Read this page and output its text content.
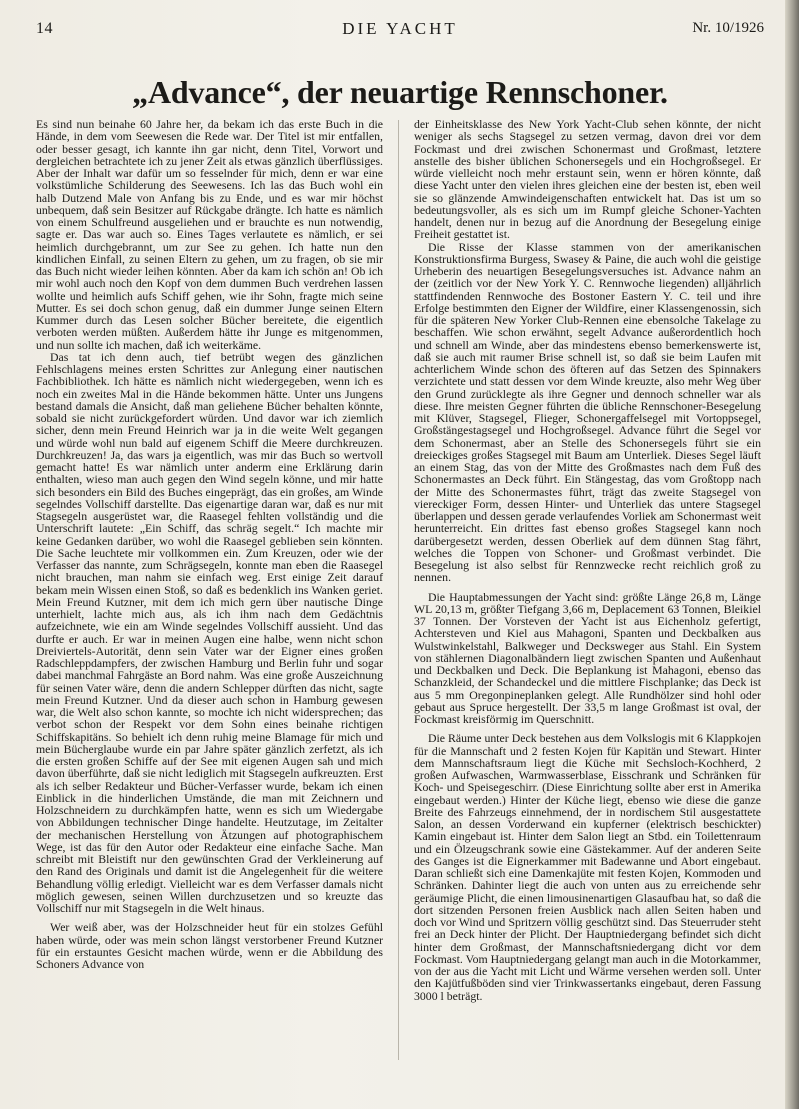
14	DIE YACHT	Nr. 10/1926
„Advance“, der neuartige Rennschoner.

Es sind nun beinahe 60 Jahre her, da bekam ich das erste Buch in die Hände, in dem vom Seewesen die Rede war. Der Titel ist mir entfallen, oder besser gesagt, ich kannte ihn gar nicht, denn Titel, Vorwort und dergleichen betrachtete ich zu jener Zeit als etwas gänzlich überflüssiges. Aber der Inhalt war dafür um so fesselnder für mich, denn er war eine volkstümliche Schilderung des Seewesens. Ich las das Buch wohl ein halb Dutzend Male von Anfang bis zu Ende, und es war mir höchst unbequem, daß sein Besitzer auf Rückgabe drängte. Ich hatte es nämlich von einem Schulfreund ausgeliehen und er brauchte es nun notwendig, sagte er. Das war auch so. Eines Tages verlautete es nämlich, er sei heimlich durchgebrannt, um zur See zu gehen. Ich hatte nun den kindlichen Einfall, zu seinen Eltern zu gehen, um zu fragen, ob sie mir das Buch nicht wieder leihen könnten. Aber da kam ich schön an! Ob ich mir wohl auch noch den Kopf von dem dummen Buch verdrehen lassen wollte und heimlich aufs Schiff gehen, wie ihr Sohn, fragte mich seine Mutter. Es sei doch schon genug, daß ein dummer Junge seinen Eltern Kummer durch das Lesen solcher Bücher bereitete, die eigentlich verboten werden müßten. Außerdem hätte ihr Junge es mitgenommen, und nun sollte ich machen, daß ich weiterkäme.

Das tat ich denn auch, tief betrübt wegen des gänzlichen Fehlschlagens meines ersten Schrittes zur Anlegung einer nautischen Fachbibliothek. Ich hätte es nämlich nicht wiedergegeben, wenn ich es noch ein zweites Mal in die Hände bekommen hätte. Unter uns Jungens bestand damals die Ansicht, daß man geliehene Bücher behalten könnte, sobald sie nicht zurückgefordert würden. Und davor war ich ziemlich sicher, denn mein Freund Heinrich war ja in die weite Welt gegangen und würde wohl nun bald auf eigenem Schiff die Meere durchkreuzen. Durchkreuzen! Ja, das wars ja eigentlich, was mir das Buch so wertvoll gemacht hatte! Es war nämlich unter anderm eine Erklärung darin enthalten, wieso man auch gegen den Wind segeln könne, und mir hatte sich besonders ein Bild des Buches eingeprägt, das ein großes, am Winde segelndes Vollschiff darstellte. Das eigenartige daran war, daß es nur mit Stagsegeln ausgerüstet war, die Raasegel fehlten vollständig und die Unterschrift lautete: „Ein Schiff, das schräg segelt.“ Ich machte mir keine Gedanken darüber, wo wohl die Raasegel geblieben sein könnten. Die Sache leuchtete mir vollkommen ein. Zum Kreuzen, oder wie der Verfasser das nannte, zum Schrägsegeln, konnte man eben die Raasegel nicht brauchen, man nahm sie einfach weg. Erst einige Zeit darauf bekam mein Wissen einen Stoß, so daß es bedenklich ins Wanken geriet. Mein Freund Kutzner, mit dem ich mich gern über nautische Dinge unterhielt, lachte mich aus, als ich ihm nach dem Gedächtnis aufzeichnete, wie ein am Winde segelndes Vollschiff aussieht. Und das durfte er auch. Er war in meinen Augen eine halbe, wenn nicht schon Dreiviertels-Autorität, denn sein Vater war der Eigner eines großen Radschleppdampfers, der zwischen Hamburg und Berlin fuhr und sogar dabei manchmal Fahrgäste an Bord nahm. Was eine große Auszeichnung für seinen Vater wäre, denn die andern Schlepper dürften das nicht, sagte mein Freund Kutzner. Und da dieser auch schon in Hamburg gewesen war, die Welt also schon kannte, so mochte ich nicht widersprechen; das verbot schon der Respekt vor dem Sohn eines beinahe richtigen Schiffskapitäns. So behielt ich denn ruhig meine Blamage für mich und mein Bücherglaube wurde ein par Jahre später gänzlich zerfetzt, als ich die ersten großen Schiffe auf der See mit eigenen Augen sah und mich davon überführte, daß sie nicht lediglich mit Stagsegeln aufkreuzten. Erst als ich selber Redakteur und Bücher-Verfasser wurde, bekam ich einen Einblick in die hinderlichen Umstände, die man mit Zeichnern und Holzschneidern zu durchkämpfen hatte, wenn es sich um Wiedergabe von Abbildungen technischer Dinge handelte. Heutzutage, im Zeitalter der mechanischen Herstellung von Ätzungen auf photographischem Wege, ist das für den Autor oder Redakteur eine einfache Sache. Man schreibt mit Bleistift nur den gewünschten Grad der Verkleinerung auf den Rand des Originals und damit ist die Angelegenheit für die weitere Behandlung völlig erledigt. Vielleicht war es dem Verfasser damals nicht möglich gewesen, seinen Willen durchzusetzen und so kreuzte das Vollschiff nur mit Stagsegeln in die Welt hinaus.

Wer weiß aber, was der Holzschneider heut für ein stolzes Gefühl haben würde, oder was mein schon längst verstorbener Freund Kutzner für ein erstauntes Gesicht machen würde, wenn er die Abbildung des Schoners Advance von

der Einheitsklasse des New York Yacht-Club sehen könnte, der nicht weniger als sechs Stagsegel zu setzen vermag, davon drei vor dem Fockmast und drei zwischen Schonermast und Großmast, letztere anstelle des bisher üblichen Schonersegels und ein Hochgroßsegel. Er würde vielleicht noch mehr erstaunt sein, wenn er hören könnte, daß diese Yacht unter den vielen ihres gleichen eine der besten ist, eben weil sie so glänzende Amwindeigenschaften entwickelt hat. Das ist um so bedeutungsvoller, als es sich um im Rumpf gleiche Schoner-Yachten handelt, denen nur in bezug auf die Anordnung der Besegelung einige Freiheit gestattet ist.

Die Risse der Klasse stammen von der amerikanischen Konstruktionsfirma Burgess, Swasey & Paine, die auch wohl die geistige Urheberin des neuartigen Besegelungsversuches ist. Advance nahm an der (zeitlich vor der New York Y. C. Rennwoche liegenden) alljährlich stattfindenden Rennwoche des Bostoner Eastern Y. C. teil und ihre Erfolge bestimmten den Eigner der Wildfire, einer Klassengenossin, sich für die späteren New Yorker Club-Rennen eine ebensolche Takelage zu beschaffen. Wie schon erwähnt, segelt Advance außerordentlich hoch und schnell am Winde, aber das mindestens ebenso bemerkenswerte ist, daß sie auch mit raumer Brise schnell ist, so daß sie beim Laufen mit achterlichem Winde schon des öfteren auf das Setzen des Spinnakers verzichtete und statt dessen vor dem Winde kreuzte, also mehr Weg über den Grund zurücklegte als ihre Gegner und dennoch schneller war als diese. Ihre meisten Gegner führten die übliche Rennschoner-Besegelung mit Klüver, Stagsegel, Flieger, Schonergaffelsegel mit Vortoppsegel, Großstängestagsegel und Hochgroßsegel. Advance führt die Segel vor dem Schonermast, aber an Stelle des Schonersegels führt sie ein dreieckiges großes Stagsegel mit Baum am Unterliek. Dieses Segel läuft an einem Stag, das von der Mitte des Großmastes nach dem Fuß des Schonermastes an Deck führt. Ein Stängestag, das vom Großtopp nach der Mitte des Schonermastes führt, trägt das zweite Stagsegel von viereckiger Form, dessen Hinter- und Unterliek das untere Stagsegel überlappen und dessen gerade verlaufendes Vorliek am Schonermast weit herunterreicht. Ein drittes fast ebenso großes Stagsegel kann noch darübergesetzt werden, dessen Oberliek auf dem dünnen Stag fährt, welches die Toppen von Schoner- und Großmast verbindet. Die Besegelung ist also selbst für Rennzwecke recht reichlich groß zu nennen.

Die Hauptabmessungen der Yacht sind: größte Länge 26,8 m, Länge WL 20,13 m, größter Tiefgang 3,66 m, Deplacement 63 Tonnen, Bleikiel 37 Tonnen. Der Vorsteven der Yacht ist aus Eichenholz gefertigt, Achtersteven und Kiel aus Mahagoni, Spanten und Deckbalken aus Wulstwinkelstahl, Balkweger und Decksweger aus Stahl. Ein System von stählernen Diagonalbändern liegt zwischen Spanten und Außenhaut und Deckbalken und Deck. Die Beplankung ist Mahagoni, ebenso das Schanzkleid, der Schandeckel und die mittlere Fischplanke; das Deck ist aus 5 mm Oregonpineplanken gelegt. Alle Rundhölzer sind hohl oder gebaut aus Spruce hergestellt. Der 33,5 m lange Großmast ist oval, der Fockmast kreisförmig im Querschnitt.

Die Räume unter Deck bestehen aus dem Volkslogis mit 6 Klappkojen für die Mannschaft und 2 festen Kojen für Kapitän und Stewart. Hinter dem Mannschaftsraum liegt die Küche mit Sechsloch-Kochherd, 2 großen Aufwaschen, Warmwasserblase, Eisschrank und Schränken für Koch- und Speisegeschirr. (Diese Einrichtung sollte aber erst in Amerika eingebaut werden.) Hinter der Küche liegt, ebenso wie diese die ganze Breite des Fahrzeugs einnehmend, der in nordischem Stil ausgestattete Salon, an dessen Vorderwand ein kupferner (elektrisch beschickter) Kamin eingebaut ist. Hinter dem Salon liegt an Stbd. ein Toilettenraum und ein Ölzeugschrank sowie eine Gästekammer. Auf der anderen Seite des Ganges ist die Eignerkammer mit Badewanne und Abort eingebaut. Daran schließt sich eine Damenkajüte mit festen Kojen, Kommoden und Schränken. Dahinter liegt die auch von unten aus zu erreichende sehr geräumige Plicht, die einen limousinenartigen Glasaufbau hat, so daß die dort sitzenden Personen freien Ausblick nach allen Seiten haben und doch vor Wind und Spritzern völlig geschützt sind. Das Steuerruder steht frei an Deck hinter der Plicht. Der Hauptniedergang befindet sich dicht hinter dem Großmast, der Mannschaftsniedergang dicht vor dem Fockmast. Vom Hauptniedergang gelangt man auch in die Motorkammer, von der aus die Yacht mit Licht und Wärme versehen werden soll. Unter den Kajütfußböden sind vier Trinkwassertanks eingebaut, deren Fassung 3000 l beträgt.
